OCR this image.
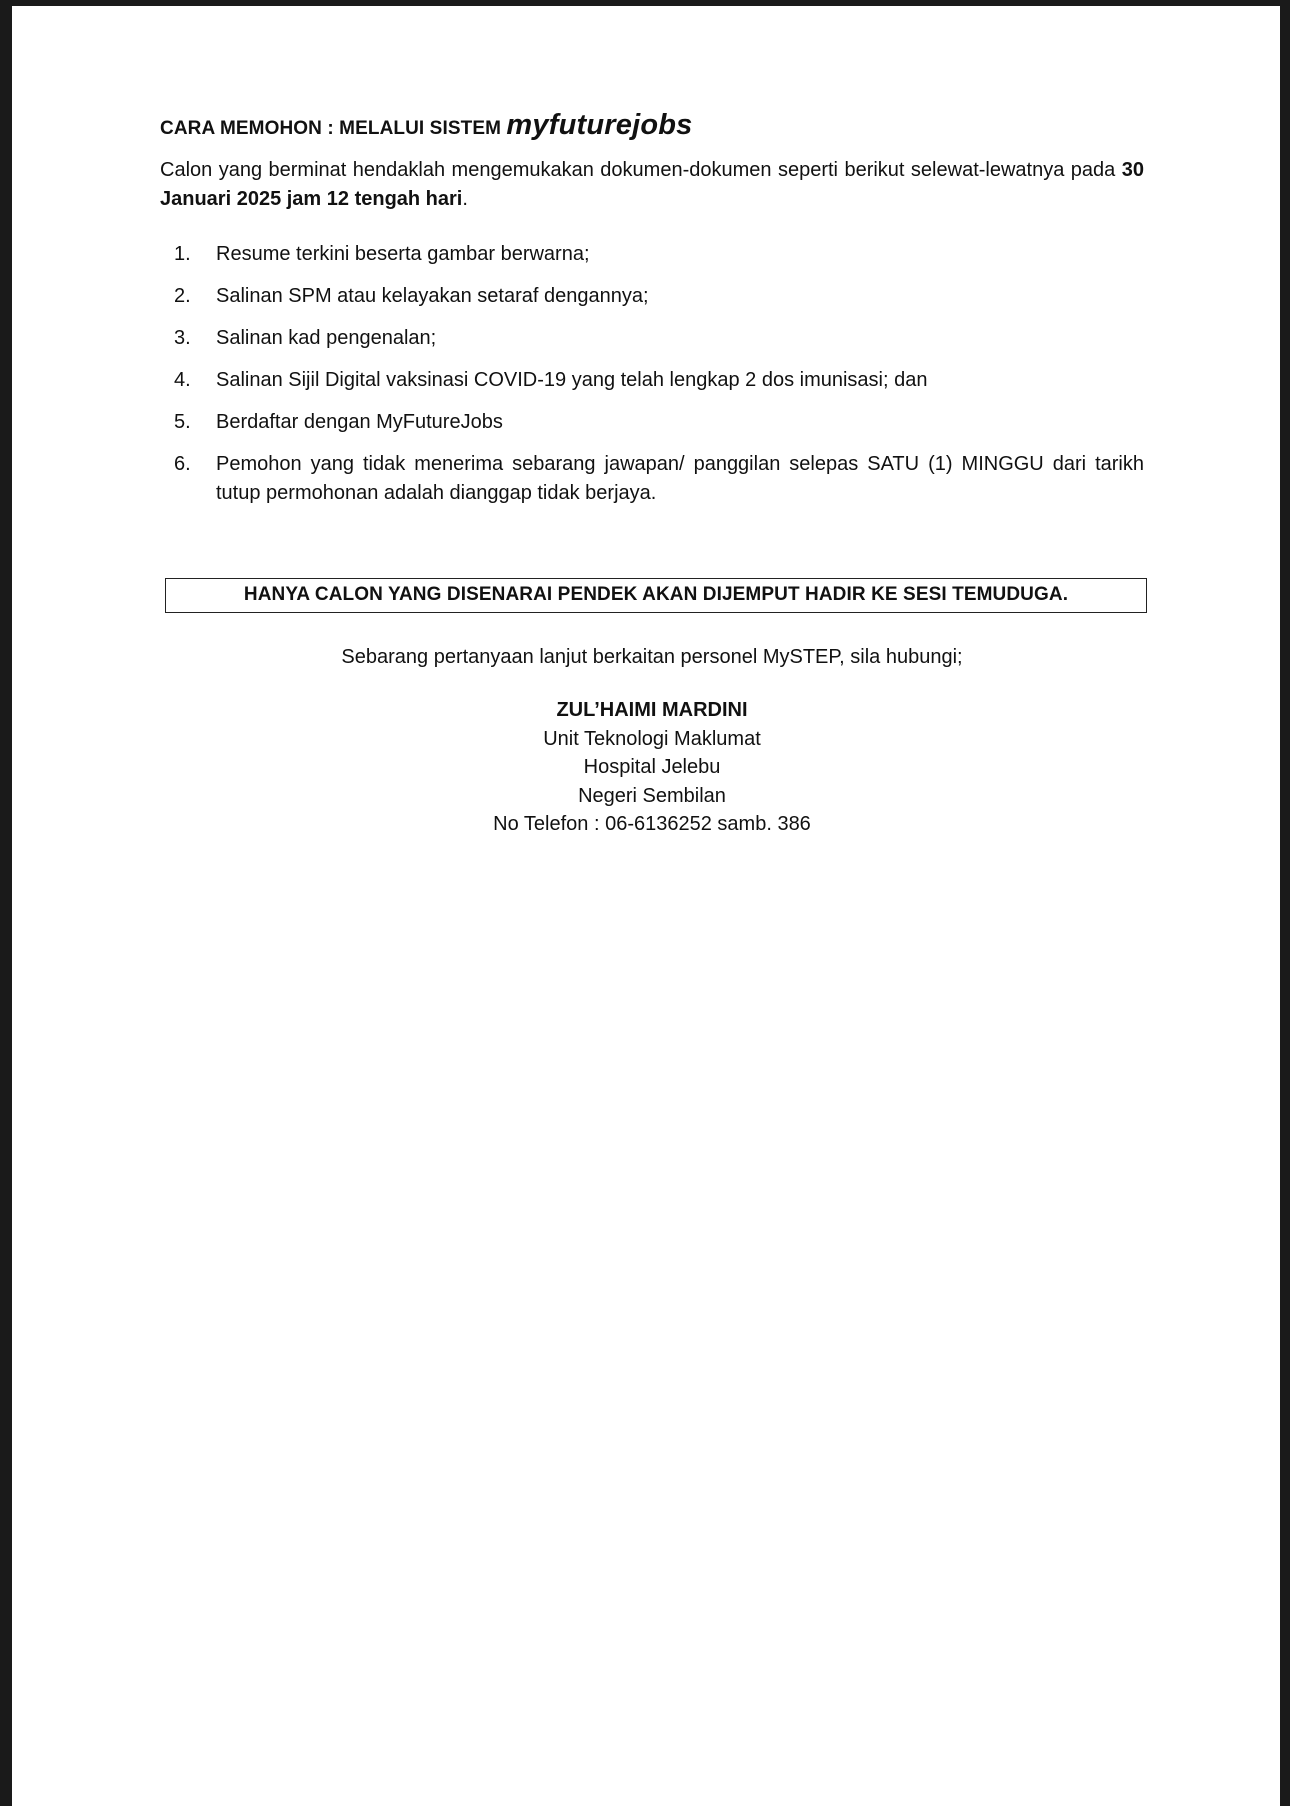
CARA MEMOHON : MELALUI SISTEM myfuturejobs

Calon yang berminat hendaklah mengemukakan dokumen-dokumen seperti berikut selewat-lewatnya pada 30 Januari 2025 jam 12 tengah hari.

1.	Resume terkini beserta gambar berwarna;
2.	Salinan SPM atau kelayakan setaraf dengannya;
3.	Salinan kad pengenalan;
4.	Salinan Sijil Digital vaksinasi COVID-19 yang telah lengkap 2 dos imunisasi; dan
5.	Berdaftar dengan MyFutureJobs
6.	Pemohon yang tidak menerima sebarang jawapan/ panggilan selepas SATU (1) MINGGU dari tarikh tutup permohonan adalah dianggap tidak berjaya.
HANYA CALON YANG DISENARAI PENDEK AKAN DIJEMPUT HADIR KE SESI TEMUDUGA.

Sebarang pertanyaan lanjut berkaitan personel MySTEP, sila hubungi;

ZUL’HAIMI MARDINI
Unit Teknologi Maklumat
Hospital Jelebu
Negeri Sembilan
No Telefon : 06-6136252 samb. 386
